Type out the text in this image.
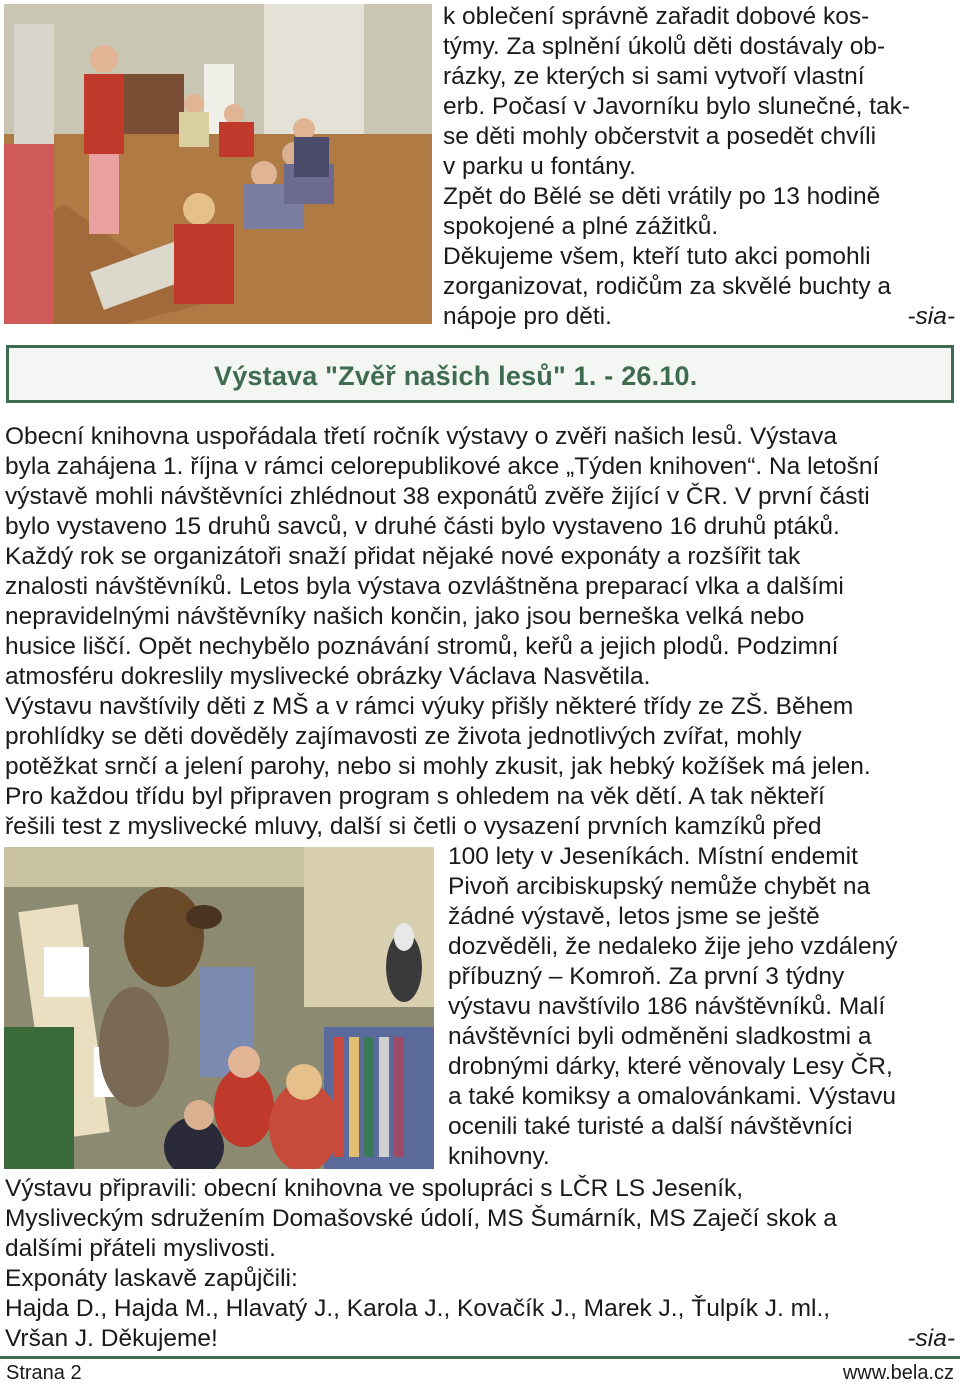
k oblečení správně zařadit dobové kos-

týmy. Za splnění úkolů děti dostávaly ob-

rázky, ze kterých si sami vytvoří vlastní

erb. Počasí v Javorníku bylo slunečné, tak-

se děti mohly občerstvit a posedět chvíli

v parku u fontány.

Zpět do Bělé se děti vrátily po 13 hodině

spokojené a plné zážitků.

Děkujeme všem, kteří tuto akci pomohli

zorganizovat, rodičům za skvělé buchty a

nápoje pro děti.	-sia-

Výstava "Zvěř našich lesů" 1. - 26.10.

Obecní knihovna uspořádala třetí ročník výstavy o zvěři našich lesů. Výstava

byla zahájena 1. října v rámci celorepublikové akce „Týden knihoven“. Na letošní

výstavě mohli návštěvníci zhlédnout 38 exponátů zvěře žijící v ČR. V první části

bylo vystaveno 15 druhů savců, v druhé části bylo vystaveno 16 druhů ptáků.

Každý rok se organizátoři snaží přidat nějaké nové exponáty a rozšířit tak

znalosti návštěvníků. Letos byla výstava ozvláštněna preparací vlka a dalšími

nepravidelnými návštěvníky našich končin, jako jsou berneška velká nebo

husice liščí. Opět nechybělo poznávání stromů, keřů a jejich plodů. Podzimní

atmosféru dokreslily myslivecké obrázky Václava Nasvětila.

Výstavu navštívily děti z MŠ a v rámci výuky přišly některé třídy ze ZŠ. Během

prohlídky se děti dověděly zajímavosti ze života jednotlivých zvířat, mohly

potěžkat srnčí a jelení parohy, nebo si mohly zkusit, jak hebký kožíšek má jelen.

Pro každou třídu byl připraven program s ohledem na věk dětí. A tak někteří

řešili test z myslivecké mluvy, další si četli o vysazení prvních kamzíků před

100 lety v Jeseníkách. Místní endemit

Pivoň arcibiskupský nemůže chybět na

žádné výstavě, letos jsme se ještě

dozvěděli, že nedaleko žije jeho vzdálený

příbuzný – Komroň. Za první 3 týdny

výstavu navštívilo 186 návštěvníků. Malí

návštěvníci byli odměněni sladkostmi a

drobnými dárky, které věnovaly Lesy ČR,

a také komiksy a omalovánkami. Výstavu

ocenili také turisté a další návštěvníci

knihovny.

Výstavu připravili: obecní knihovna ve spolupráci s LČR LS Jeseník,

Mysliveckým sdružením Domašovské údolí, MS Šumárník, MS Zaječí skok a

dalšími přáteli myslivosti.

Exponáty laskavě zapůjčili:

Hajda D., Hajda M., Hlavatý J., Karola J., Kovačík J., Marek J., Ťulpík J. ml.,

Vršan J. Děkujeme!	-sia-

Strana 2	www.bela.cz
